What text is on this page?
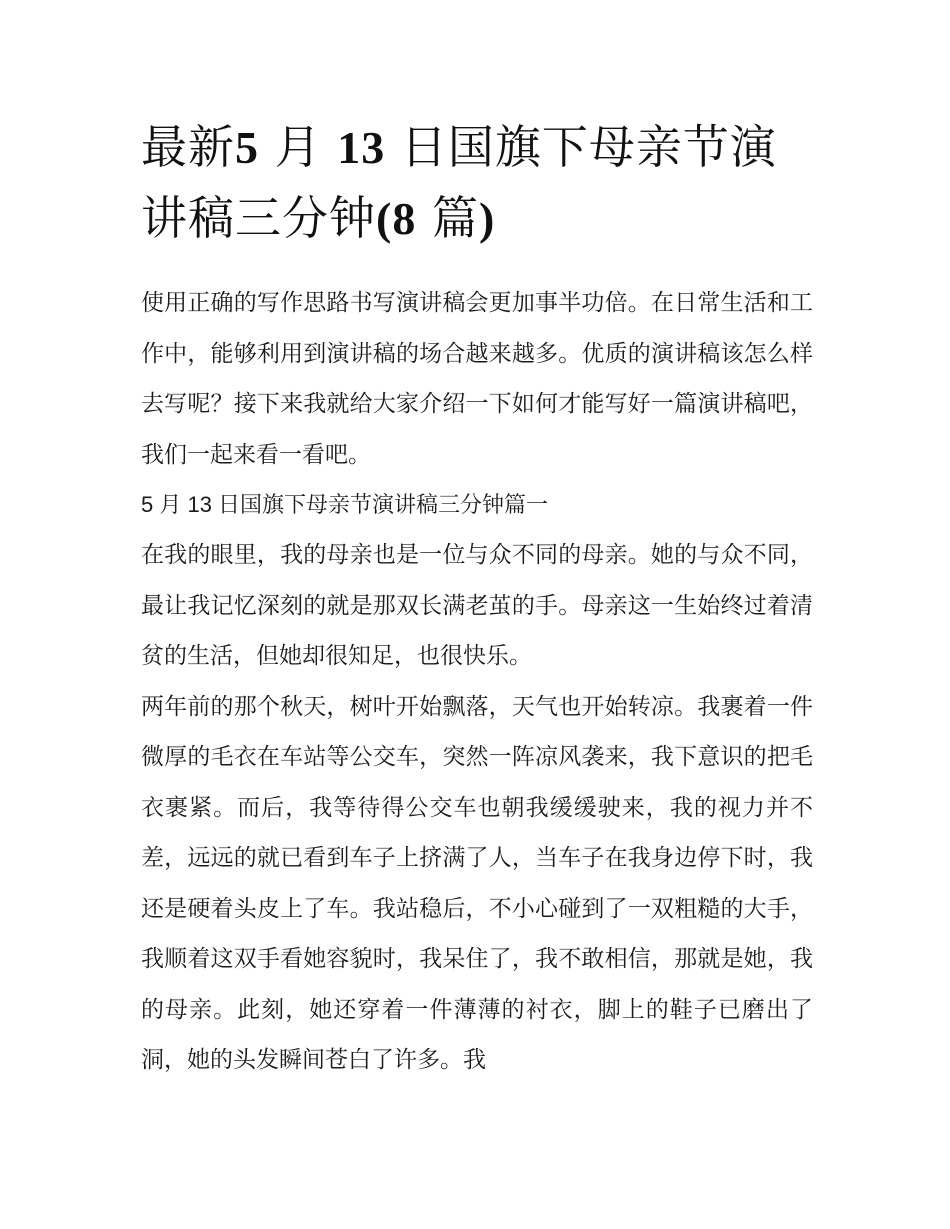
最新5 月 13 日国旗下母亲节演讲稿三分钟(8 篇)

使用正确的写作思路书写演讲稿会更加事半功倍。在日常生活和工作中，能够利用到演讲稿的场合越来越多。优质的演讲稿该怎么样去写呢？接下来我就给大家介绍一下如何才能写好一篇演讲稿吧，我们一起来看一看吧。

5 月 13 日国旗下母亲节演讲稿三分钟篇一

在我的眼里，我的母亲也是一位与众不同的母亲。她的与众不同，最让我记忆深刻的就是那双长满老茧的手。母亲这一生始终过着清贫的生活，但她却很知足，也很快乐。

两年前的那个秋天，树叶开始飘落，天气也开始转凉。我裹着一件微厚的毛衣在车站等公交车，突然一阵凉风袭来，我下意识的把毛衣裹紧。而后，我等待得公交车也朝我缓缓驶来，我的视力并不差，远远的就已看到车子上挤满了人，当车子在我身边停下时，我还是硬着头皮上了车。我站稳后，不小心碰到了一双粗糙的大手，我顺着这双手看她容貌时，我呆住了，我不敢相信，那就是她，我的母亲。此刻，她还穿着一件薄薄的衬衣，脚上的鞋子已磨出了洞，她的头发瞬间苍白了许多。我
